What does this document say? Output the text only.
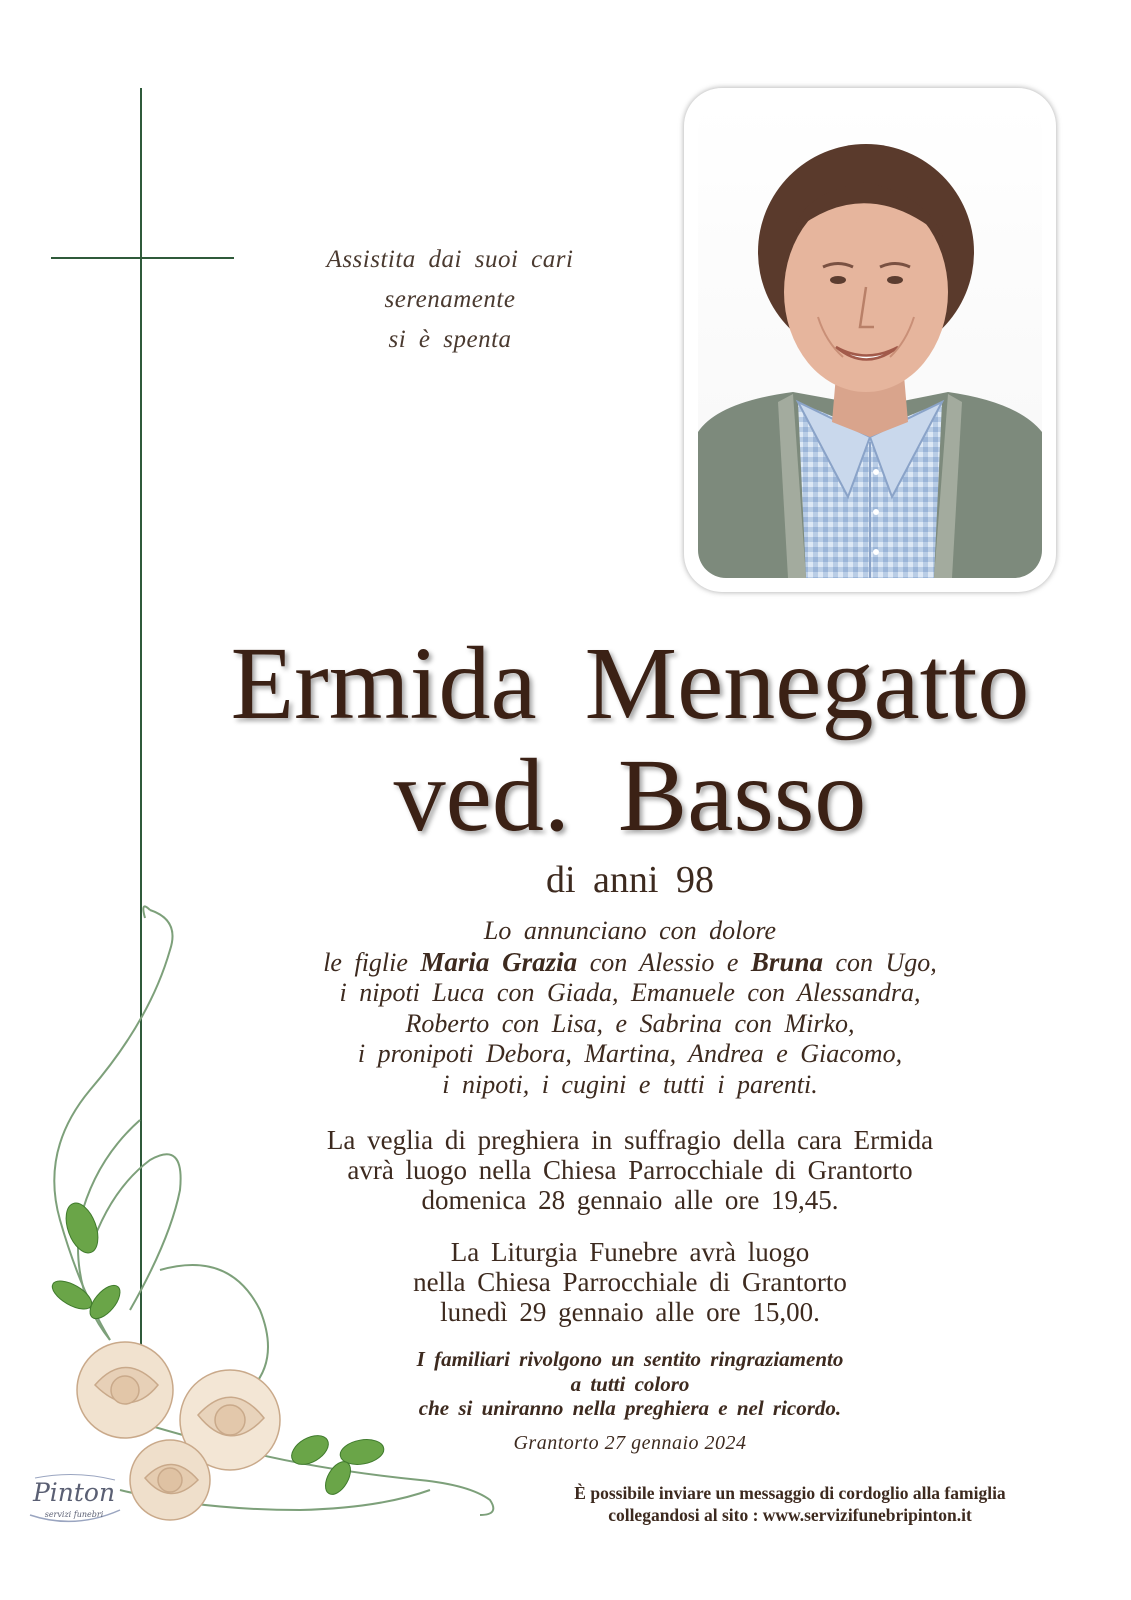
Assistita dai suoi cari
serenamente
si è spenta
Ermida Menegatto
ved. Basso
di anni 98
Lo annunciano con dolore
le figlie Maria Grazia con Alessio e Bruna con Ugo,
i nipoti Luca con Giada, Emanuele con Alessandra,
Roberto con Lisa, e Sabrina con Mirko,
i pronipoti Debora, Martina, Andrea e Giacomo,
i nipoti, i cugini e tutti i parenti.
La veglia di preghiera in suffragio della cara Ermida
avrà luogo nella Chiesa Parrocchiale di Grantorto
domenica 28 gennaio alle ore 19,45.
La Liturgia Funebre avrà luogo
nella Chiesa Parrocchiale di Grantorto
lunedì 29 gennaio alle ore 15,00.
I familiari rivolgono un sentito ringraziamento
a tutti coloro
che si uniranno nella preghiera e nel ricordo.
Grantorto 27 gennaio 2024
È possibile inviare un messaggio di cordoglio alla famiglia
collegandosi al sito : www.servizifunebripinton.it
Pinton
servizi funebri
